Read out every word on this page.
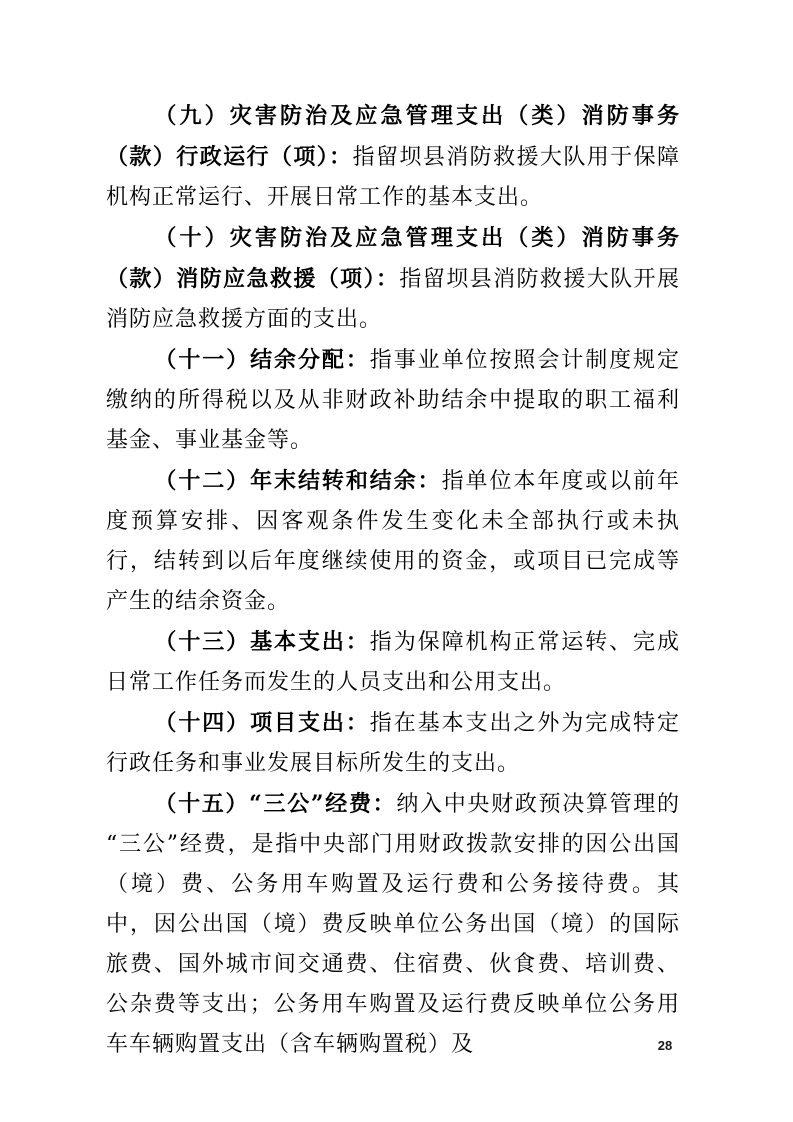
（九）灾害防治及应急管理支出（类）消防事务（款）行政运行（项）：指留坝县消防救援大队用于保障机构正常运行、开展日常工作的基本支出。

（十）灾害防治及应急管理支出（类）消防事务（款）消防应急救援（项）：指留坝县消防救援大队开展消防应急救援方面的支出。

（十一）结余分配：指事业单位按照会计制度规定缴纳的所得税以及从非财政补助结余中提取的职工福利基金、事业基金等。

（十二）年末结转和结余：指单位本年度或以前年度预算安排、因客观条件发生变化未全部执行或未执行，结转到以后年度继续使用的资金，或项目已完成等产生的结余资金。

（十三）基本支出：指为保障机构正常运转、完成日常工作任务而发生的人员支出和公用支出。

（十四）项目支出：指在基本支出之外为完成特定行政任务和事业发展目标所发生的支出。

（十五）“三公”经费：纳入中央财政预决算管理的“三公”经费，是指中央部门用财政拨款安排的因公出国（境）费、公务用车购置及运行费和公务接待费。其中，因公出国（境）费反映单位公务出国（境）的国际旅费、国外城市间交通费、住宿费、伙食费、培训费、公杂费等支出；公务用车购置及运行费反映单位公务用车车辆购置支出（含车辆购置税）及	28
